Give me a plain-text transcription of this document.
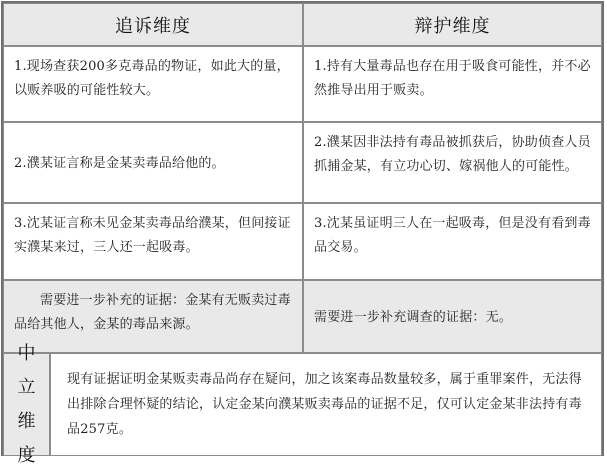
追诉维度	辩护维度
1.现场查获200多克毒品的物证，如此大的量，以贩养吸的可能性较大。
1.持有大量毒品也存在用于吸食可能性，并不必然推导出用于贩卖。
2.濮某证言称是金某卖毒品给他的。
2.濮某因非法持有毒品被抓获后，协助侦查人员抓捕金某，有立功心切、嫁祸他人的可能性。
3.沈某证言称未见金某卖毒品给濮某，但间接证实濮某来过，三人还一起吸毒。
3.沈某虽证明三人在一起吸毒，但是没有看到毒品交易。
需要进一步补充的证据：金某有无贩卖过毒品给其他人，金某的毒品来源。	需要进一步补充调查的证据：无。
中
立
维
度
现有证据证明金某贩卖毒品尚存在疑问，加之该案毒品数量较多，属于重罪案件，无法得出排除合理怀疑的结论，认定金某向濮某贩卖毒品的证据不足，仅可认定金某非法持有毒品257克。
